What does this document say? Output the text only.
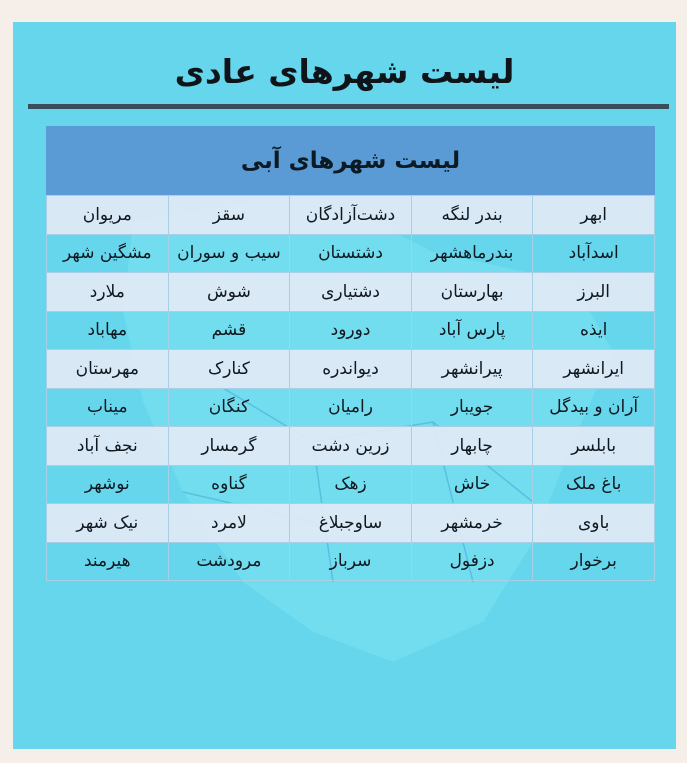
لیست شهرهای عادی
لیست شهرهای آبی
ابهر	بندر لنگه	دشت‌آزادگان	سقز	مریوان
اسدآباد	بندرماهشهر	دشتستان	سیب و سوران	مشگین شهر
البرز	بهارستان	دشتیاری	شوش	ملارد
ایذه	پارس آباد	دورود	قشم	مهاباد
ایرانشهر	پیرانشهر	دیواندره	کنارک	مهرستان
آران و بیدگل	جویبار	رامیان	کنگان	میناب
بابلسر	چابهار	زرین دشت	گرمسار	نجف آباد
باغ ملک	خاش	زهک	گناوه	نوشهر
باوی	خرمشهر	ساوجبلاغ	لامرد	نیک شهر
برخوار	دزفول	سرباز	مرودشت	هیرمند
